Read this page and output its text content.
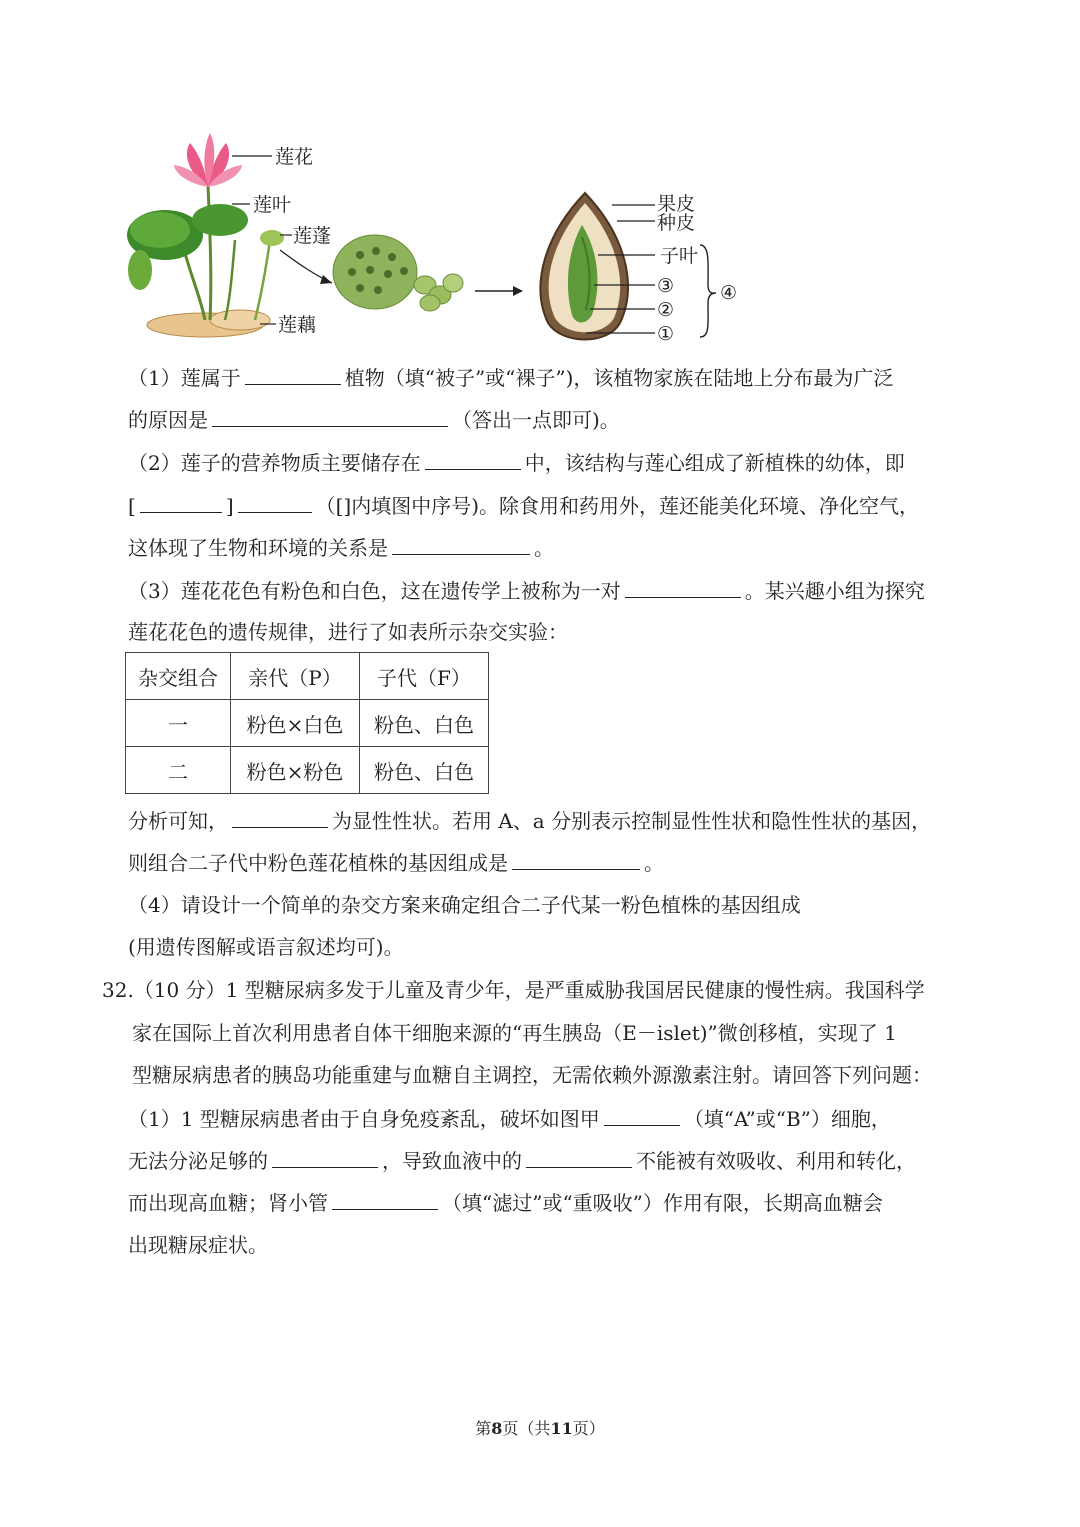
莲花
莲叶
莲蓬
莲藕
果皮
种皮
子叶
③
②
①
④
（1）莲属于	植物（填“被子”或“裸子”)，该植物家族在陆地上分布最为广泛
的原因是	（答出一点即可)。
（2）莲子的营养物质主要储存在	中，该结构与莲心组成了新植株的幼体，即
[	]	（[]内填图中序号)。除食用和药用外，莲还能美化环境、净化空气，
这体现了生物和环境的关系是	。
（3）莲花花色有粉色和白色，这在遗传学上被称为一对	。某兴趣小组为探究
莲花花色的遗传规律，进行了如表所示杂交实验：
杂交组合	亲代（P）	子代（F）
一	粉色×白色	粉色、白色
二	粉色×粉色	粉色、白色
分析可知，	为显性性状。若用 A、a 分别表示控制显性性状和隐性性状的基因，
则组合二子代中粉色莲花植株的基因组成是	。
（4）请设计一个简单的杂交方案来确定组合二子代某一粉色植株的基因组成
(用遗传图解或语言叙述均可)。
32.（10 分）1 型糖尿病多发于儿童及青少年，是严重威胁我国居民健康的慢性病。我国科学
家在国际上首次利用患者自体干细胞来源的“再生胰岛（E－islet)”微创移植，实现了 1
型糖尿病患者的胰岛功能重建与血糖自主调控，无需依赖外源激素注射。请回答下列问题：
（1）1 型糖尿病患者由于自身免疫紊乱，破坏如图甲	（填“A”或“B”）细胞，
无法分泌足够的	，导致血液中的	不能被有效吸收、利用和转化，
而出现高血糖；肾小管	（填“滤过”或“重吸收”）作用有限，长期高血糖会
出现糖尿症状。
第8页（共11页）
